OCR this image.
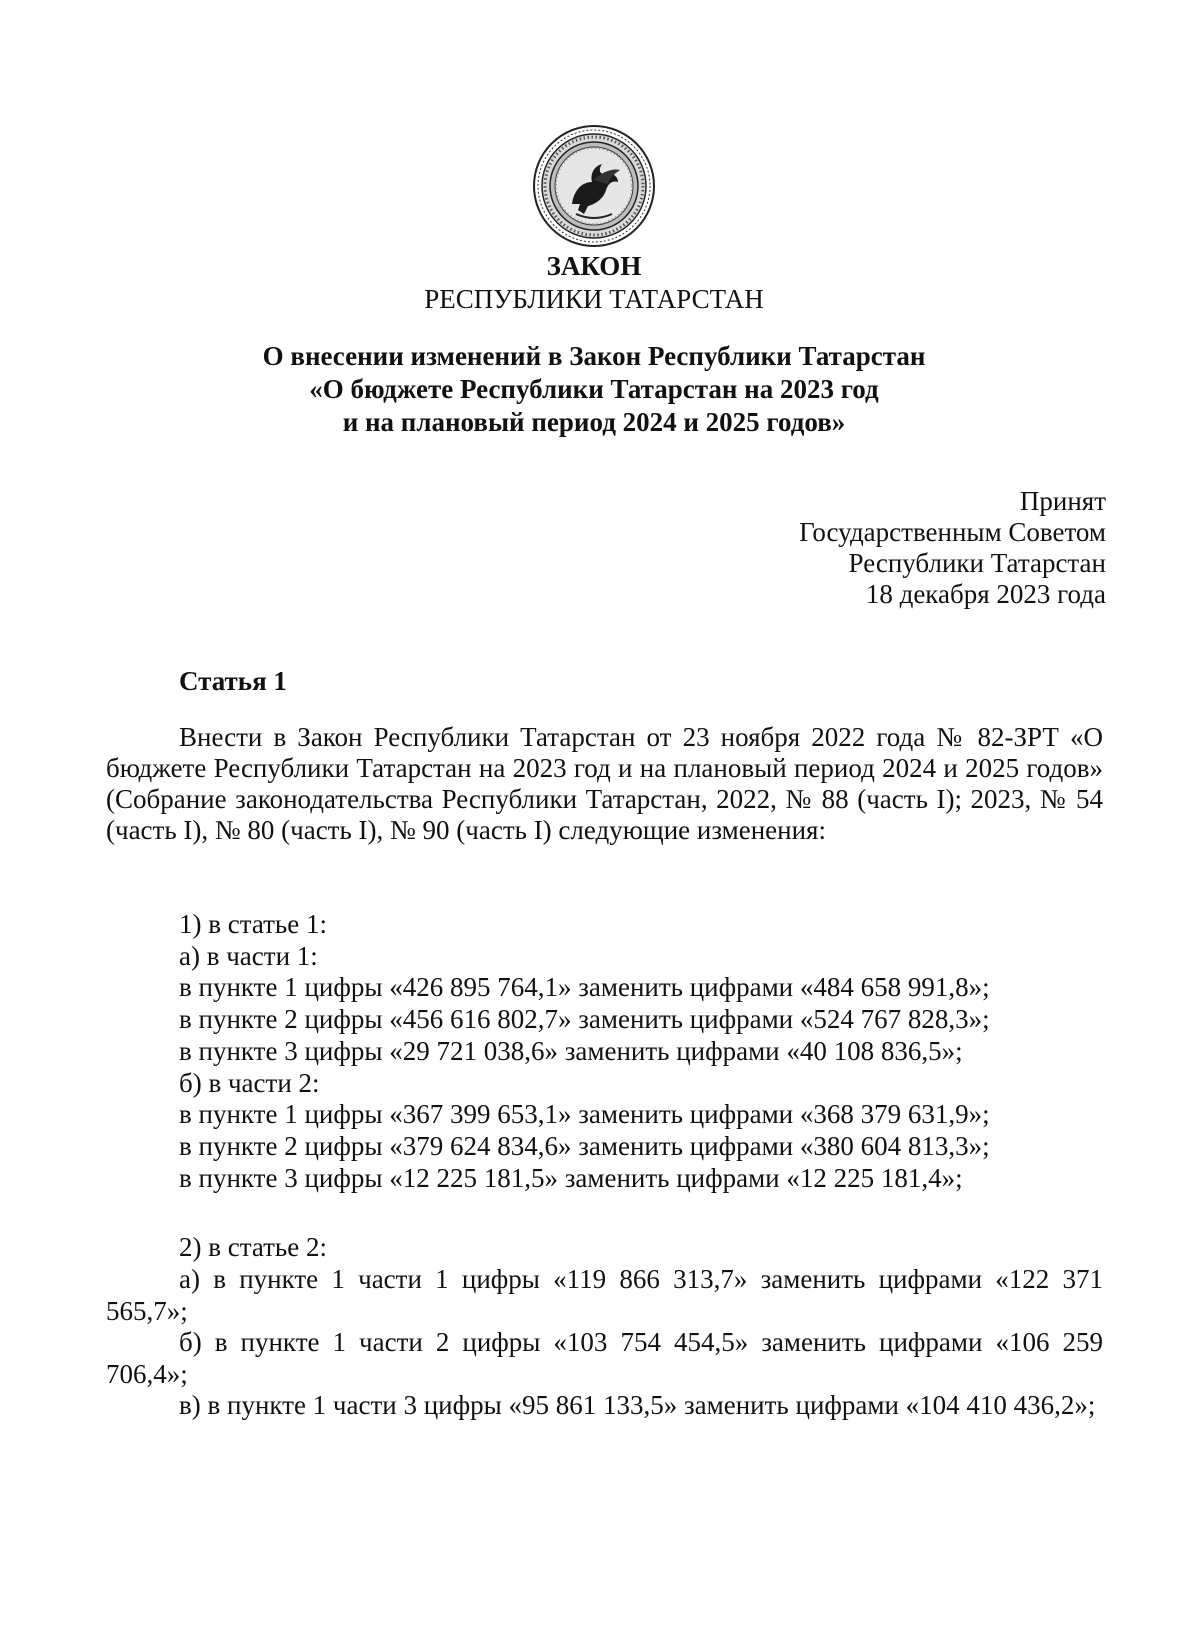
ЗАКОН
РЕСПУБЛИКИ ТАТАРСТАН
О внесении изменений в Закон Республики Татарстан
«О бюджете Республики Татарстан на 2023 год
и на плановый период 2024 и 2025 годов»
Принят
Государственным Советом
Республики Татарстан
18 декабря 2023 года
Статья 1
Внести в Закон Республики Татарстан от 23 ноября 2022 года № 82-ЗРТ «О бюджете Республики Татарстан на 2023 год и на плановый период 2024 и 2025 годов» (Собрание законодательства Республики Татарстан, 2022, № 88 (часть I); 2023, № 54 (часть I), № 80 (часть I), № 90 (часть I) следующие изменения:
1) в статье 1:
а) в части 1:
в пункте 1 цифры «426 895 764,1» заменить цифрами «484 658 991,8»;
в пункте 2 цифры «456 616 802,7» заменить цифрами «524 767 828,3»;
в пункте 3 цифры «29 721 038,6» заменить цифрами «40 108 836,5»;
б) в части 2:
в пункте 1 цифры «367 399 653,1» заменить цифрами «368 379 631,9»;
в пункте 2 цифры «379 624 834,6» заменить цифрами «380 604 813,3»;
в пункте 3 цифры «12 225 181,5» заменить цифрами «12 225 181,4»;
2) в статье 2:
а) в пункте 1 части 1 цифры «119 866 313,7» заменить цифрами «122 371 565,7»;
б) в пункте 1 части 2 цифры «103 754 454,5» заменить цифрами «106 259 706,4»;
в) в пункте 1 части 3 цифры «95 861 133,5» заменить цифрами «104 410 436,2»;
